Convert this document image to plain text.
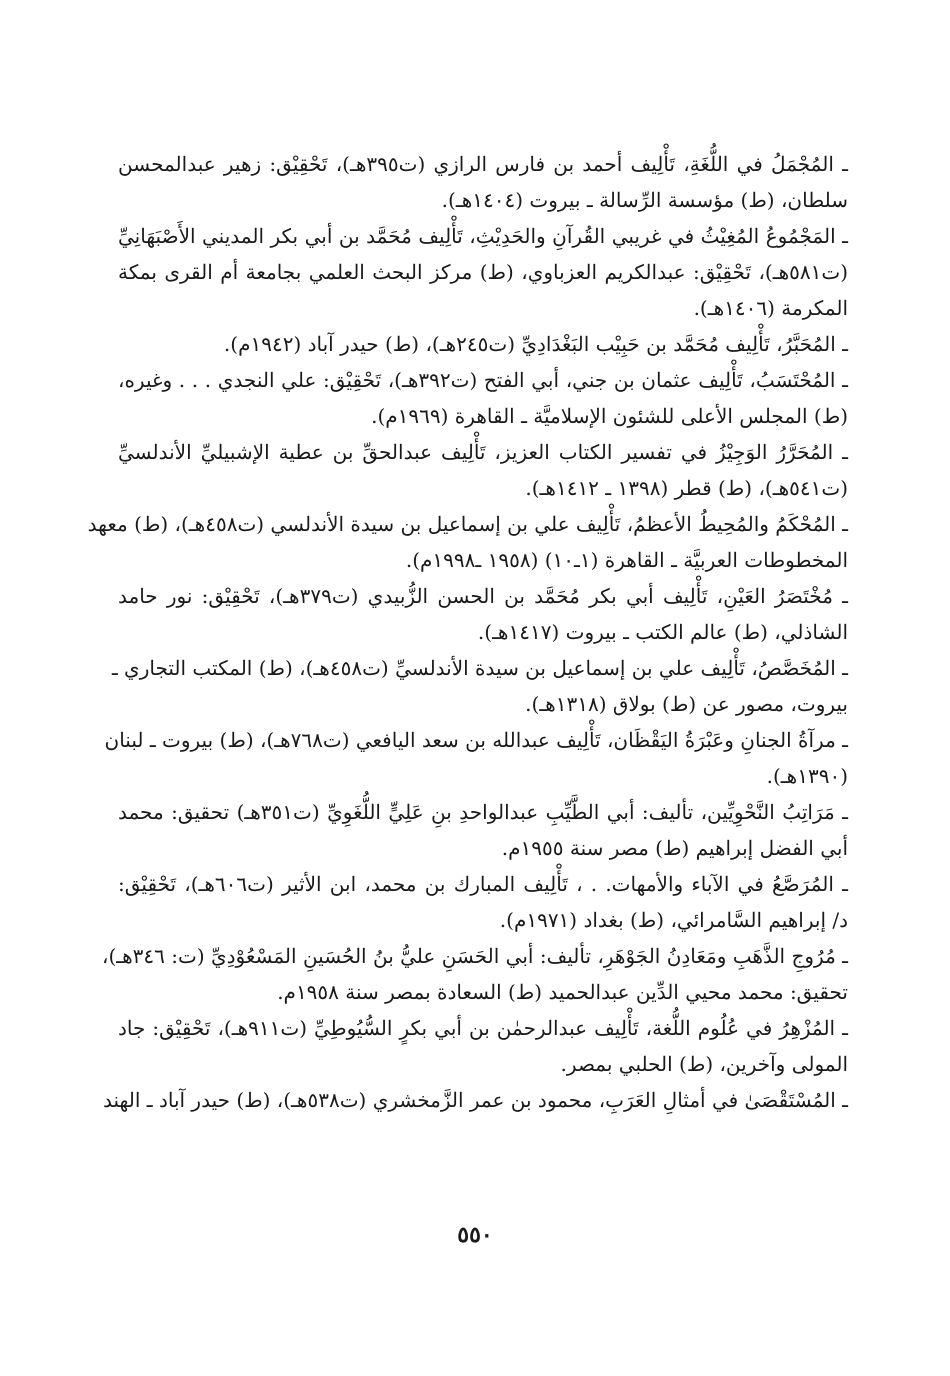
ـ المُجْمَلُ في اللُّغَةِ، تَأْلِيف أحمد بن فارس الرازي (ت٣٩٥هـ)، تَحْقِيْق: زهير عبدالمحسن
سلطان، (ط) مؤسسة الرِّسالة ـ بيروت (١٤٠٤هـ).
ـ المَجْمُوعُ المُغِيْثُ في غريبي القُرآنِ والحَدِيْثِ، تَأْلِيف مُحَمَّد بن أبي بكر المديني الأَصْبَهَانِيِّ
(ت٥٨١هـ)، تَحْقِيْق: عبدالكريم العزباوي، (ط) مركز البحث العلمي بجامعة أم القرى بمكة
المكرمة (١٤٠٦هـ).
ـ المُحَبَّرُ، تَأْلِيف مُحَمَّد بن حَبِيْب البَغْدَادِيِّ (ت٢٤٥هـ)، (ط) حيدر آباد (١٩٤٢م).
ـ المُحْتَسَبُ، تَأْلِيف عثمان بن جني، أبي الفتح (ت٣٩٢هـ)، تَحْقِيْق: علي النجدي . . . وغيره،
(ط) المجلس الأعلى للشئون الإسلاميَّة ـ القاهرة (١٩٦٩م).
ـ المُحَرَّرُ الوَجِيْزُ في تفسير الكتاب العزيز، تَأْلِيف عبدالحقِّ بن عطية الإشبيليِّ الأندلسيِّ
(ت٥٤١هـ)، (ط) قطر (١٣٩٨ ـ ١٤١٢هـ).
ـ المُحْكَمُ والمُحِيطُ الأعظمُ، تَأْلِيف علي بن إسماعيل بن سيدة الأندلسي (ت٤٥٨هـ)، (ط) معهد
المخطوطات العربيَّة ـ القاهرة (١ـ١٠) (١٩٥٨ ـ١٩٩٨م).
ـ مُخْتَصَرُ العَيْنِ، تَأْلِيف أبي بكر مُحَمَّد بن الحسن الزُّبيدي (ت٣٧٩هـ)، تَحْقِيْق: نور حامد
الشاذلي، (ط) عالم الكتب ـ بيروت (١٤١٧هـ).
ـ المُخَصَّصُ، تَأْلِيف علي بن إسماعيل بن سيدة الأندلسيِّ (ت٤٥٨هـ)، (ط) المكتب التجاري ـ
بيروت، مصور عن (ط) بولاق (١٣١٨هـ).
ـ مرآةُ الجنانِ وعَبْرَةُ اليَقْظَان، تَأْلِيف عبدالله بن سعد اليافعي (ت٧٦٨هـ)، (ط) بيروت ـ لبنان
(١٣٩٠هـ).
ـ مَرَاتِبُ النَّحْوِيِّين، تأليف: أبي الطَّيِّبِ عبدالواحدِ بنِ عَلِيٍّ اللُّغَوِيِّ (ت٣٥١هـ) تحقيق: محمد
أبي الفضل إبراهيم (ط) مصر سنة ١٩٥٥م.
ـ المُرَصَّعُ في الآباء والأمهات. . ، تَأْلِيف المبارك بن محمد، ابن الأثير (ت٦٠٦هـ)، تَحْقِيْق:
د/ إبراهيم السَّامرائي، (ط) بغداد (١٩٧١م).
ـ مُرُوجِ الذَّهَبِ ومَعَادِنُ الجَوْهَرِ، تأليف: أبي الحَسَنِ عليُّ بنُ الحُسَينِ المَسْعُوْدِيِّ (ت: ٣٤٦هـ)،
تحقيق: محمد محيي الدِّين عبدالحميد (ط) السعادة بمصر سنة ١٩٥٨م.
ـ المُزْهِرُ في عُلُوم اللُّغة، تَأْلِيف عبدالرحمٰن بن أبي بكرٍ السُّيُوطِيِّ (ت٩١١هـ)، تَحْقِيْق: جاد
المولى وآخرين، (ط) الحلبي بمصر.
ـ المُسْتَقْصَىٰ في أمثالِ العَرَبِ، محمود بن عمر الزَّمخشري (ت٥٣٨هـ)، (ط) حيدر آباد ـ الهند
٥٥٠
